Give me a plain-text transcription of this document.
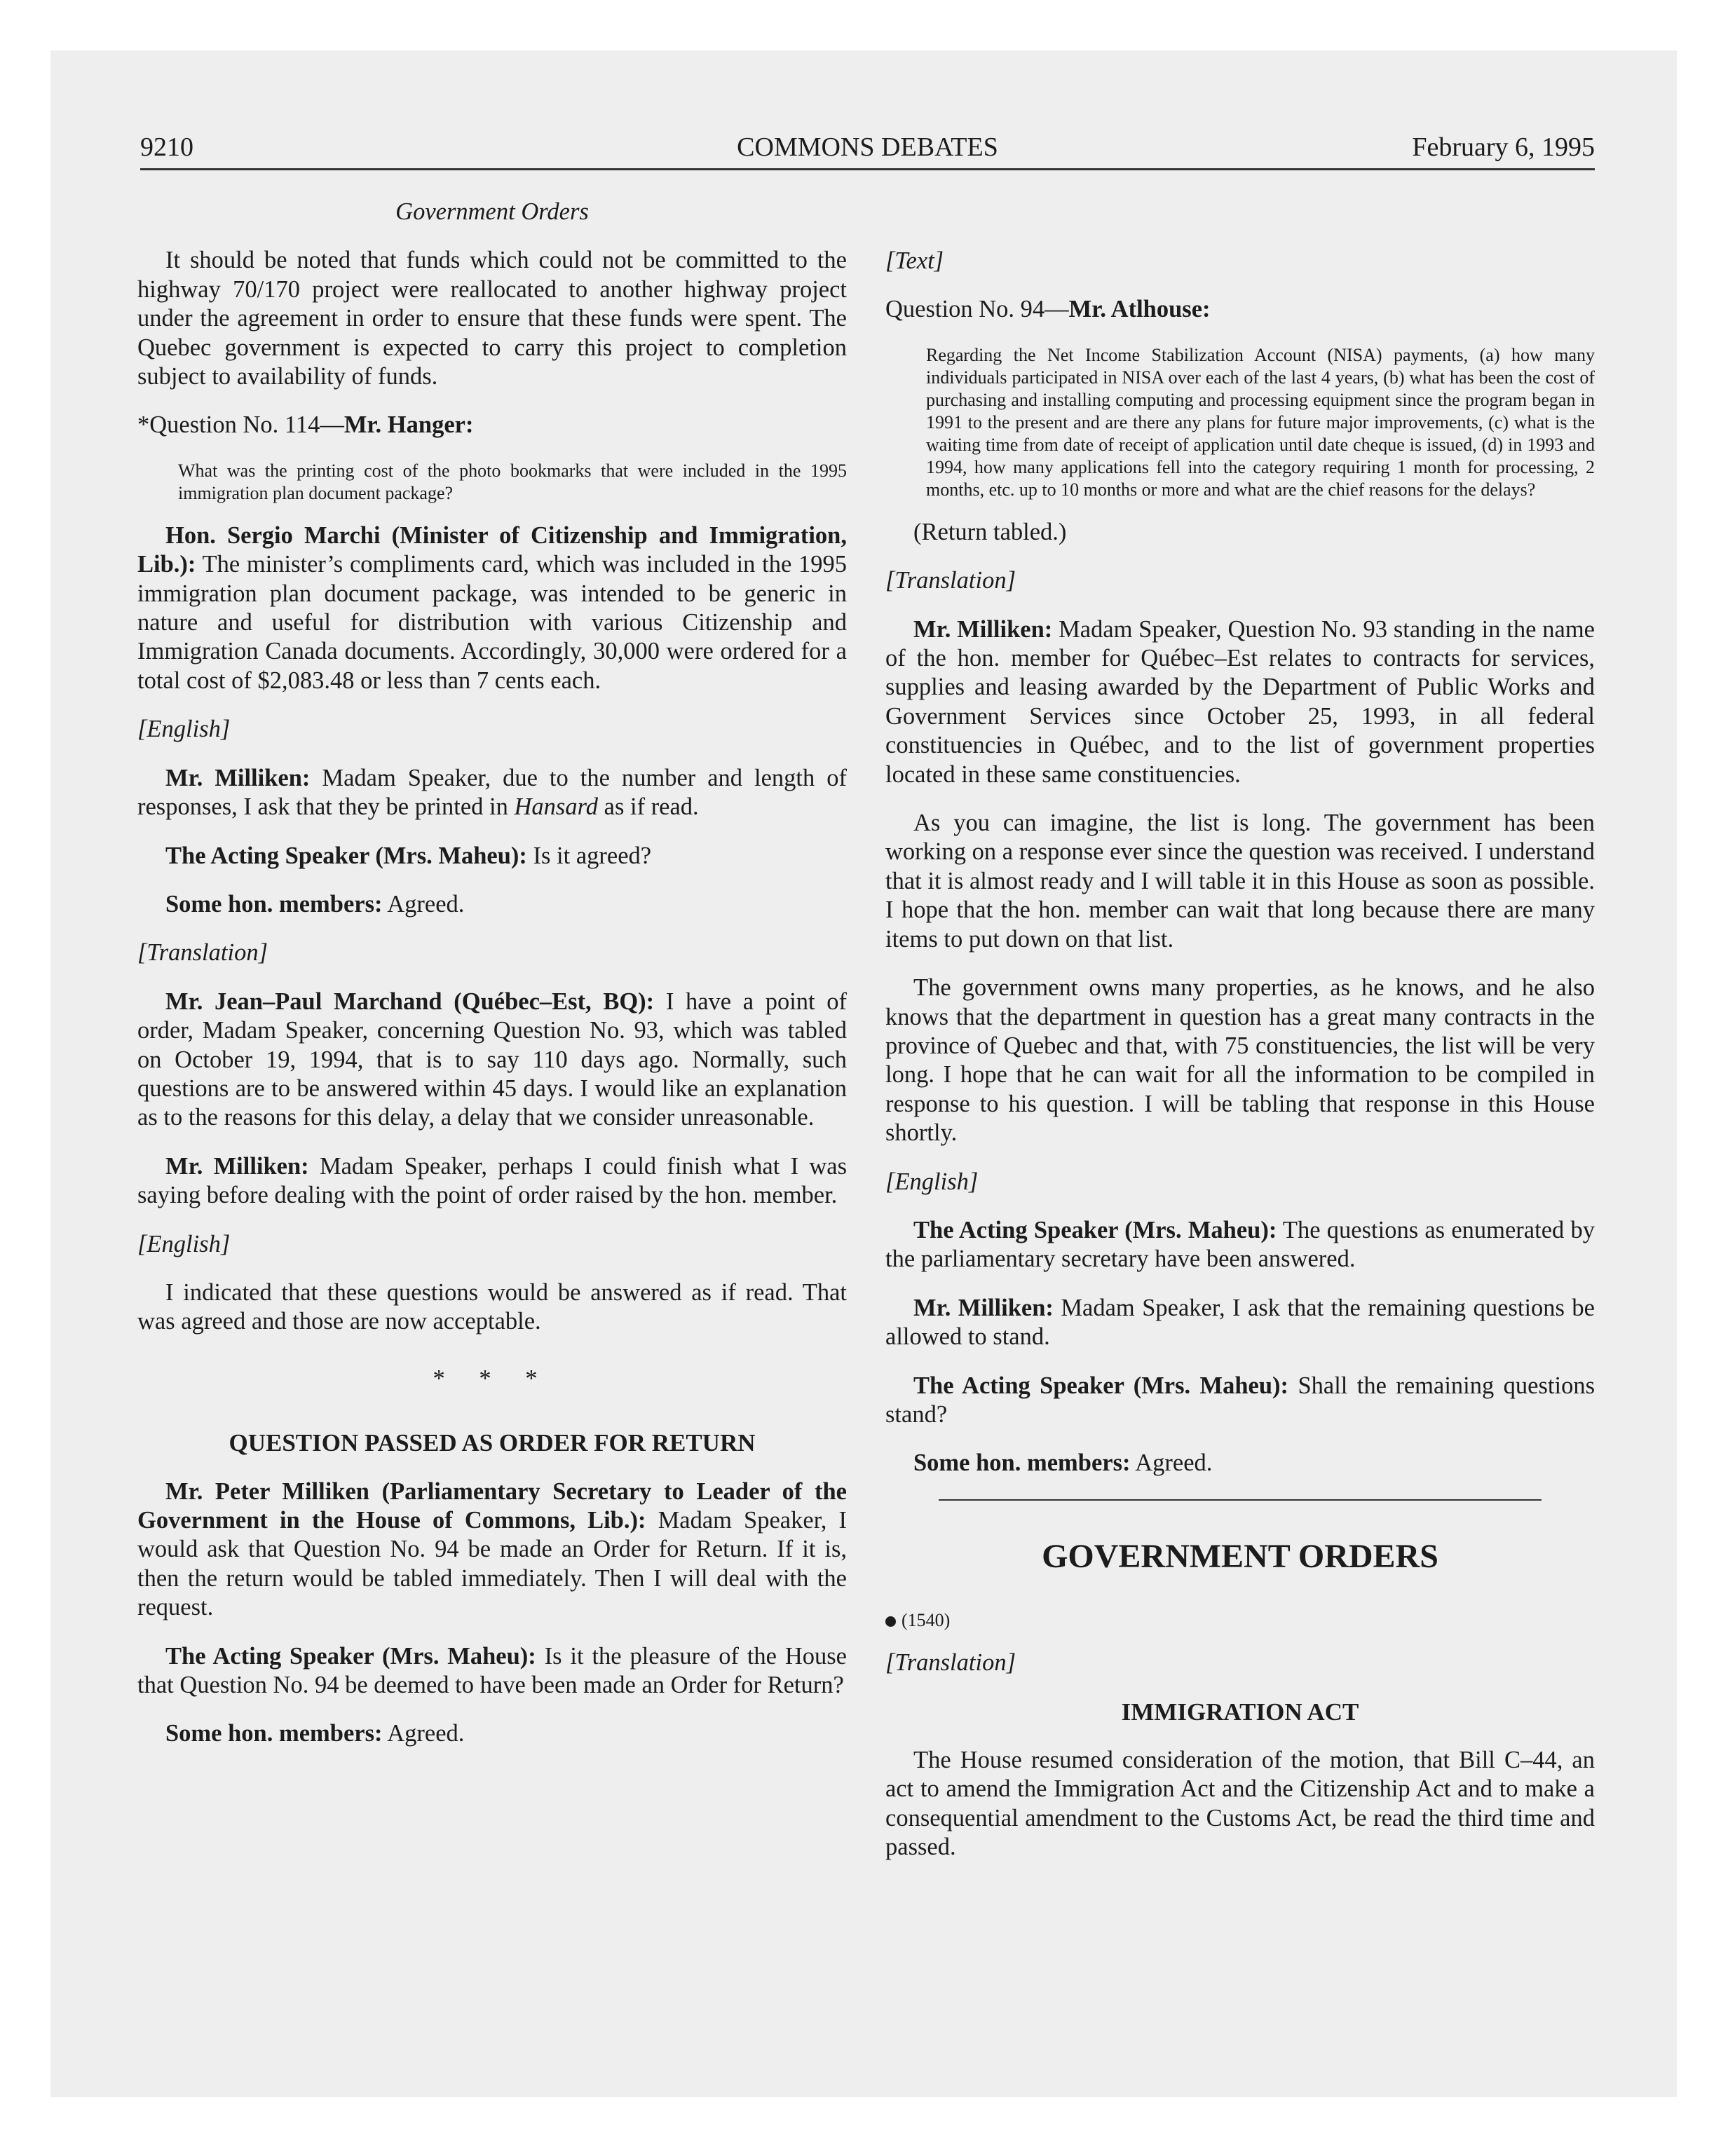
9210	COMMONS DEBATES	February 6, 1995

Government Orders

It should be noted that funds which could not be committed to the highway 70/170 project were reallocated to another highway project under the agreement in order to ensure that these funds were spent. The Quebec government is expected to carry this project to completion subject to availability of funds.

*Question No. 114—Mr. Hanger:

What was the printing cost of the photo bookmarks that were included in the 1995 immigration plan document package?

Hon. Sergio Marchi (Minister of Citizenship and Immigration, Lib.): The minister’s compliments card, which was included in the 1995 immigration plan document package, was intended to be generic in nature and useful for distribution with various Citizenship and Immigration Canada documents. Accordingly, 30,000 were ordered for a total cost of $2,083.48 or less than 7 cents each.

[English]

Mr. Milliken: Madam Speaker, due to the number and length of responses, I ask that they be printed in Hansard as if read.

The Acting Speaker (Mrs. Maheu): Is it agreed?

Some hon. members: Agreed.

[Translation]

Mr. Jean–Paul Marchand (Québec–Est, BQ): I have a point of order, Madam Speaker, concerning Question No. 93, which was tabled on October 19, 1994, that is to say 110 days ago. Normally, such questions are to be answered within 45 days. I would like an explanation as to the reasons for this delay, a delay that we consider unreasonable.

Mr. Milliken: Madam Speaker, perhaps I could finish what I was saying before dealing with the point of order raised by the hon. member.

[English]

I indicated that these questions would be answered as if read. That was agreed and those are now acceptable.

* * *

QUESTION PASSED AS ORDER FOR RETURN

Mr. Peter Milliken (Parliamentary Secretary to Leader of the Government in the House of Commons, Lib.): Madam Speaker, I would ask that Question No. 94 be made an Order for Return. If it is, then the return would be tabled immediately. Then I will deal with the request.

The Acting Speaker (Mrs. Maheu): Is it the pleasure of the House that Question No. 94 be deemed to have been made an Order for Return?

Some hon. members: Agreed.

[Text]

Question No. 94—Mr. Atlhouse:

Regarding the Net Income Stabilization Account (NISA) payments, (a) how many individuals participated in NISA over each of the last 4 years, (b) what has been the cost of purchasing and installing computing and processing equipment since the program began in 1991 to the present and are there any plans for future major improvements, (c) what is the waiting time from date of receipt of application until date cheque is issued, (d) in 1993 and 1994, how many applications fell into the category requiring 1 month for processing, 2 months, etc. up to 10 months or more and what are the chief reasons for the delays?

(Return tabled.)

[Translation]

Mr. Milliken: Madam Speaker, Question No. 93 standing in the name of the hon. member for Québec–Est relates to contracts for services, supplies and leasing awarded by the Department of Public Works and Government Services since October 25, 1993, in all federal constituencies in Québec, and to the list of government properties located in these same constituencies.

As you can imagine, the list is long. The government has been working on a response ever since the question was received. I understand that it is almost ready and I will table it in this House as soon as possible. I hope that the hon. member can wait that long because there are many items to put down on that list.

The government owns many properties, as he knows, and he also knows that the department in question has a great many contracts in the province of Quebec and that, with 75 constituencies, the list will be very long. I hope that he can wait for all the information to be compiled in response to his question. I will be tabling that response in this House shortly.

[English]

The Acting Speaker (Mrs. Maheu): The questions as enumerated by the parliamentary secretary have been answered.

Mr. Milliken: Madam Speaker, I ask that the remaining questions be allowed to stand.

The Acting Speaker (Mrs. Maheu): Shall the remaining questions stand?

Some hon. members: Agreed.

GOVERNMENT ORDERS

(1540)

[Translation]

IMMIGRATION ACT

The House resumed consideration of the motion, that Bill C–44, an act to amend the Immigration Act and the Citizenship Act and to make a consequential amendment to the Customs Act, be read the third time and passed.
